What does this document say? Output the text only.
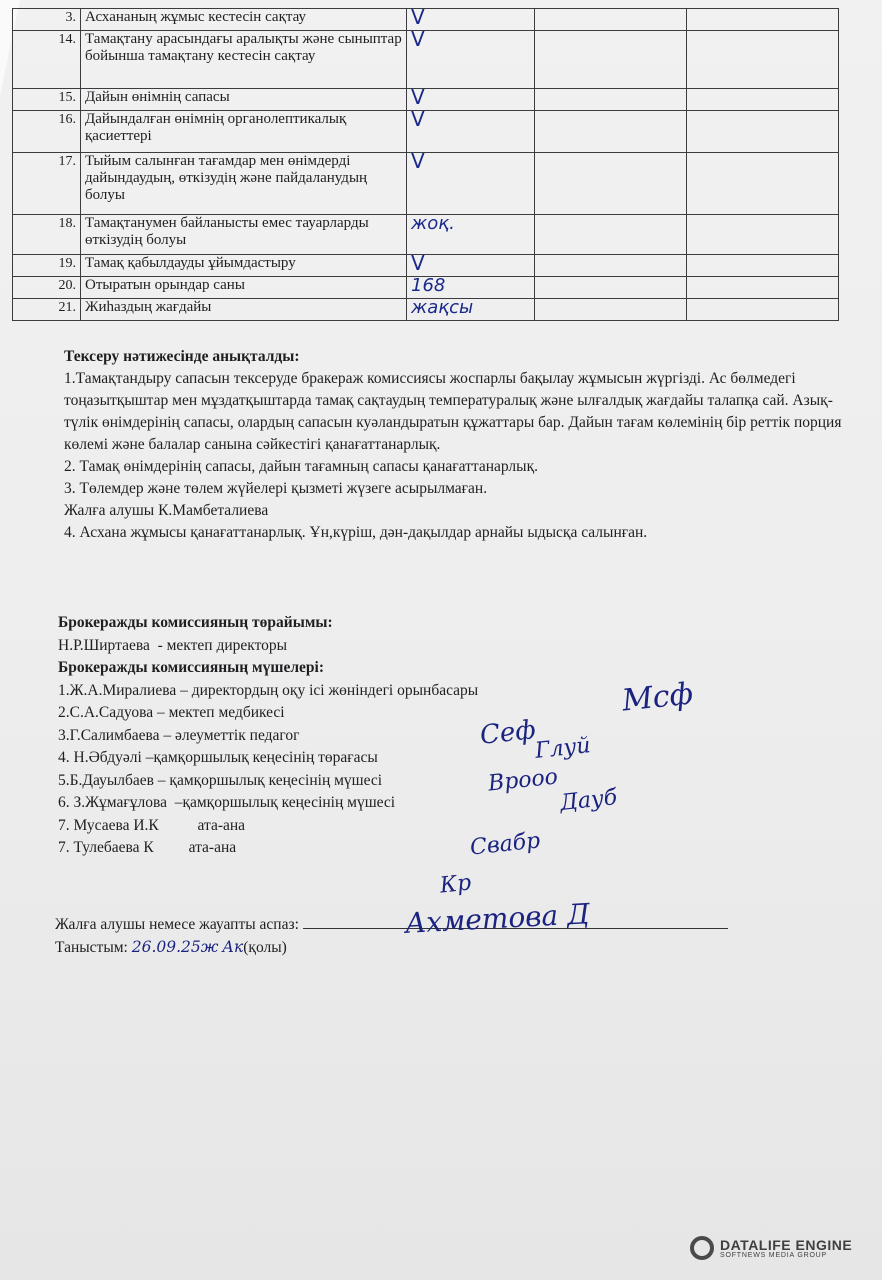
3.	Асхананың жұмыс кестесін сақтау	V		
14.	Тамақтану арасындағы аралықты және сыныптар бойынша тамақтану кестесін сақтау	V		
15.	Дайын өнімнің сапасы	V		
16.	Дайындалған өнімнің органолептикалық қасиеттері	V		
17.	Тыйым салынған тағамдар мен өнімдерді дайындаудың, өткізудің және пайдаланудың болуы	V		
18.	Тамақтанумен байланысты емес тауарларды өткізудің болуы	жоқ.		
19.	Тамақ қабылдауды ұйымдастыру	V		
20.	Отыратын орындар саны	168		
21.	Жиһаздың жағдайы	жақсы		

Тексеру нәтижесінде анықталды:

1.Тамақтандыру сапасын тексеруде бракераж комиссиясы жоспарлы бақылау жұмысын жүргізді. Ас бөлмедегі тоңазытқыштар мен мұздатқыштарда тамақ сақтаудың температуралық және ылғалдық жағдайы талапқа сай. Азық-түлік өнімдерінің сапасы, олардың сапасын куәландыратын құжаттары бар. Дайын тағам көлемінің бір реттік порция көлемі және балалар санына сәйкестігі қанағаттанарлық.

2. Тамақ өнімдерінің сапасы, дайын тағамның сапасы қанағаттанарлық.

3. Төлемдер және төлем жүйелері қызметі жүзеге асырылмаған.

Жалға алушы К.Мамбеталиева

4. Асхана жұмысы қанағаттанарлық. Ұн,күріш, дән-дақылдар арнайы ыдысқа салынған.

Брокеражды комиссияның төрайымы:

Н.Р.Ширтаева  - мектеп директоры

Брокеражды комиссияның мүшелері:

1.Ж.А.Миралиева – директордың оқу ісі жөніндегі орынбасары

2.С.А.Садуова – мектеп медбикесі

3.Г.Салимбаева – әлеуметтік педагог

4. Н.Әбдуәлі –қамқоршылық кеңесінің төрағасы

5.Б.Дауылбаев – қамқоршылық кеңесінің мүшесі

6. З.Жұмағұлова  –қамқоршылық кеңесінің мүшесі

7. Мусаева И.К          ата-ана

7. Тулебаева К         ата-ана

Мсф
Сеф
Глуй
Врооо
Дауб
Свабр
Кр

Жалға алушы немесе жауапты аспаз:

Таныстым: 26.09.25ж Ак(қолы)

Ахметова Д
DATALIFE ENGINE
SOFTNEWS MEDIA GROUP
